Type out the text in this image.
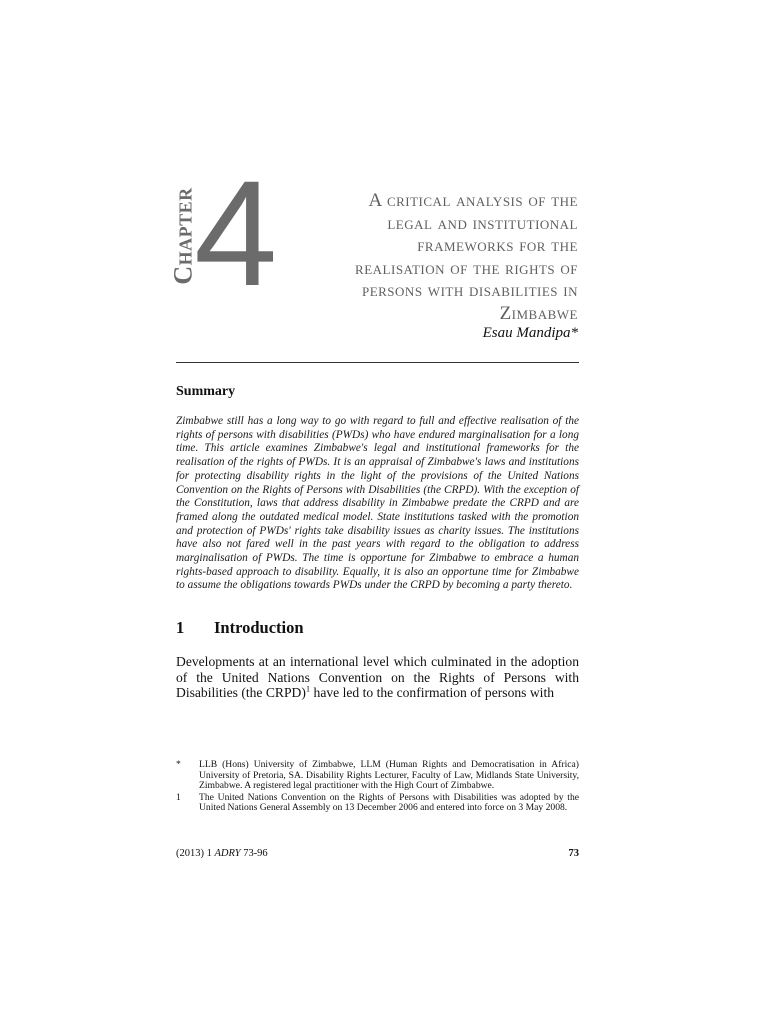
Chapter
4	A critical analysis of the
legal and institutional
frameworks for the
realisation of the rights of
persons with disabilities in
Zimbabwe
Esau Mandipa*
Summary
Zimbabwe still has a long way to go with regard to full and effective realisation of the rights of persons with disabilities (PWDs) who have endured marginalisation for a long time. This article examines Zimbabwe's legal and institutional frameworks for the realisation of the rights of PWDs. It is an appraisal of Zimbabwe's laws and institutions for protecting disability rights in the light of the provisions of the United Nations Convention on the Rights of Persons with Disabilities (the CRPD). With the exception of the Constitution, laws that address disability in Zimbabwe predate the CRPD and are framed along the outdated medical model. State institutions tasked with the promotion and protection of PWDs' rights take disability issues as charity issues. The institutions have also not fared well in the past years with regard to the obligation to address marginalisation of PWDs. The time is opportune for Zimbabwe to embrace a human rights-based approach to disability. Equally, it is also an opportune time for Zimbabwe to assume the obligations towards PWDs under the CRPD by becoming a party thereto.
1	Introduction
Developments at an international level which culminated in the adoption of the United Nations Convention on the Rights of Persons with Disabilities (the CRPD)$^1$ have led to the confirmation of persons with
*	LLB (Hons) University of Zimbabwe, LLM (Human Rights and Democratisation in Africa) University of Pretoria, SA. Disability Rights Lecturer, Faculty of Law, Midlands State University, Zimbabwe. A registered legal practitioner with the High Court of Zimbabwe.
1	The United Nations Convention on the Rights of Persons with Disabilities was adopted by the United Nations General Assembly on 13 December 2006 and entered into force on 3 May 2008.
(2013) 1 ADRY 73-96	73
